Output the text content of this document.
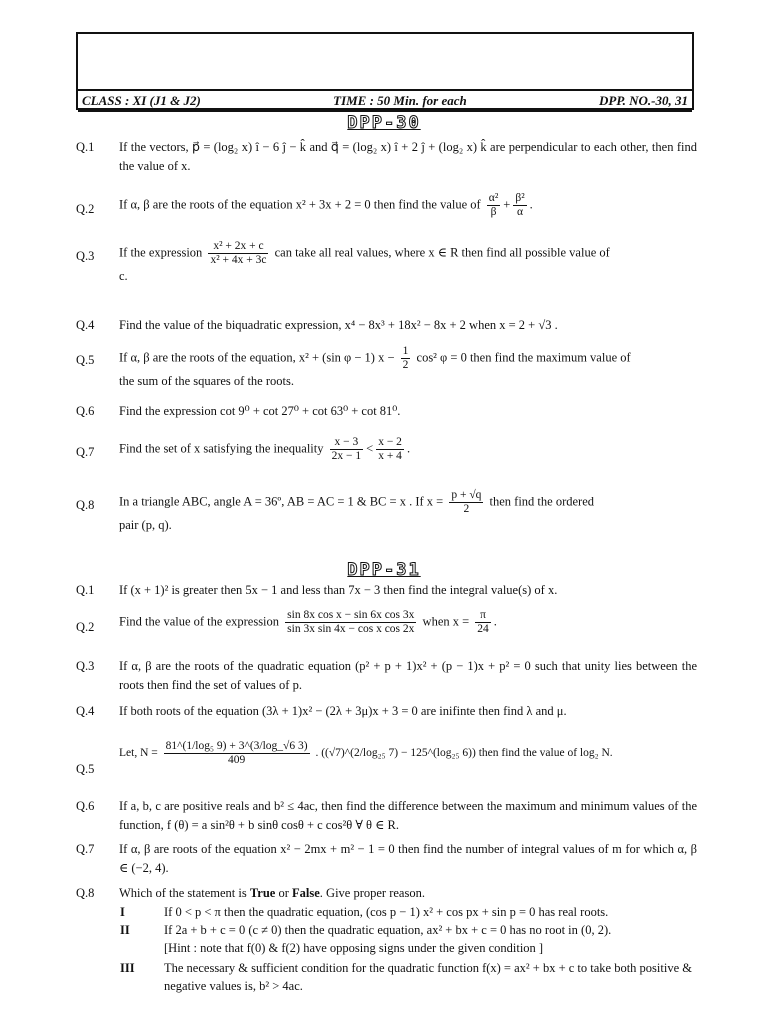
CLASS : XI (J1 & J2)	TIME : 50 Min. for each	DPP. NO.-30, 31
DPP-30
Q.1 If the vectors, p⃗ = (log₂ x) î − 6 ĵ − k̂ and q⃗ = (log₂ x) î + 2 ĵ + (log₂ x) k̂ are perpendicular to each other, then find the value of x.
Q.2 If α, β are the roots of the equation x² + 3x + 2 = 0 then find the value of $\frac{\text{α²}}{\beta} + \frac{\text{β²}}{\alpha}$ .
Q.3 If the expression $\frac{\text{x² + 2x + c}}{\text{x² + 4x + 3c}}$ can take all real values, where x ∈ R then find all possible value of
c.
Q.4 Find the value of the biquadratic expression, x⁴ − 8x³ + 18x² − 8x + 2 when x = 2 + √3 .
Q.5 If α, β are the roots of the equation, x² + (sin φ − 1) $x - \frac{1}{2} \cos^2$ φ = 0 then find the maximum value of
the sum of the squares of the roots.
Q.6 Find the expression cot 9⁰ + cot 27⁰ + cot 63⁰ + cot 81⁰.
Q.7 Find the set of x satisfying the inequality $\frac{x - 3}{2x - 1} < \frac{x - 2}{x + 4}$ .
Q.8 In a triangle ABC, angle A = 36º, AB = AC = 1 & BC = x . If $x = \frac{p + √q}{2}$ then find the ordered
pair (p, q).
DPP-31
Q.1 If (x + 1)² is greater then 5x − 1 and less than 7x − 3 then find the integral value(s) of x.
Q.2 Find the value of the expression $\frac{\text{sin 8x cos x − sin 6x cos 3x}}{\text{sin 3x sin 4x − cos x cos 2x}}$ when $x = \frac{\pi}{24}$ .
Q.3 If α, β are the roots of the quadratic equation (p² + p + 1)x² + (p − 1)x + p² = 0 such that unity lies between the roots then find the set of values of p.
Q.4 If both roots of the equation (3λ + 1)x² − (2λ + 3μ)x + 3 = 0 are inifinte then find λ and μ.
Q.5
Let, $N = \frac{\text{81\textasciicircum{}(1/log₅ 9) + 3\textasciicircum{}(3/log\_√6 3)}}{409}$ . ((√7)^(2/log₂₅ 7) − 125^(log₂₅ 6)) then find the value of log₂ N.
Q.6 If a, b, c are positive reals and b² ≤ 4ac, then find the difference between the maximum and minimum values of the function, f (θ) = a sin²θ + b sinθ cosθ + c cos²θ ∀ θ ∈ R.
Q.7 If α, β are roots of the equation x² − 2mx + m² − 1 = 0 then find the number of integral values of m for which α, β ∈ (−2, 4).
Q.8 Which of the statement is True or False. Give proper reason.
I	If 0 < p < π then the quadratic equation, (cos p − 1) x² + cos px + sin p = 0 has real roots.
II	If 2a + b + c = 0 (c ≠ 0) then the quadratic equation, ax² + bx + c = 0 has no root in (0, 2).
[Hint : note that f(0) & f(2) have opposing signs under the given condition ]
III	The necessary & sufficient condition for the quadratic function f(x) = ax² + bx + c to take both positive & negative values is, b² > 4ac.
